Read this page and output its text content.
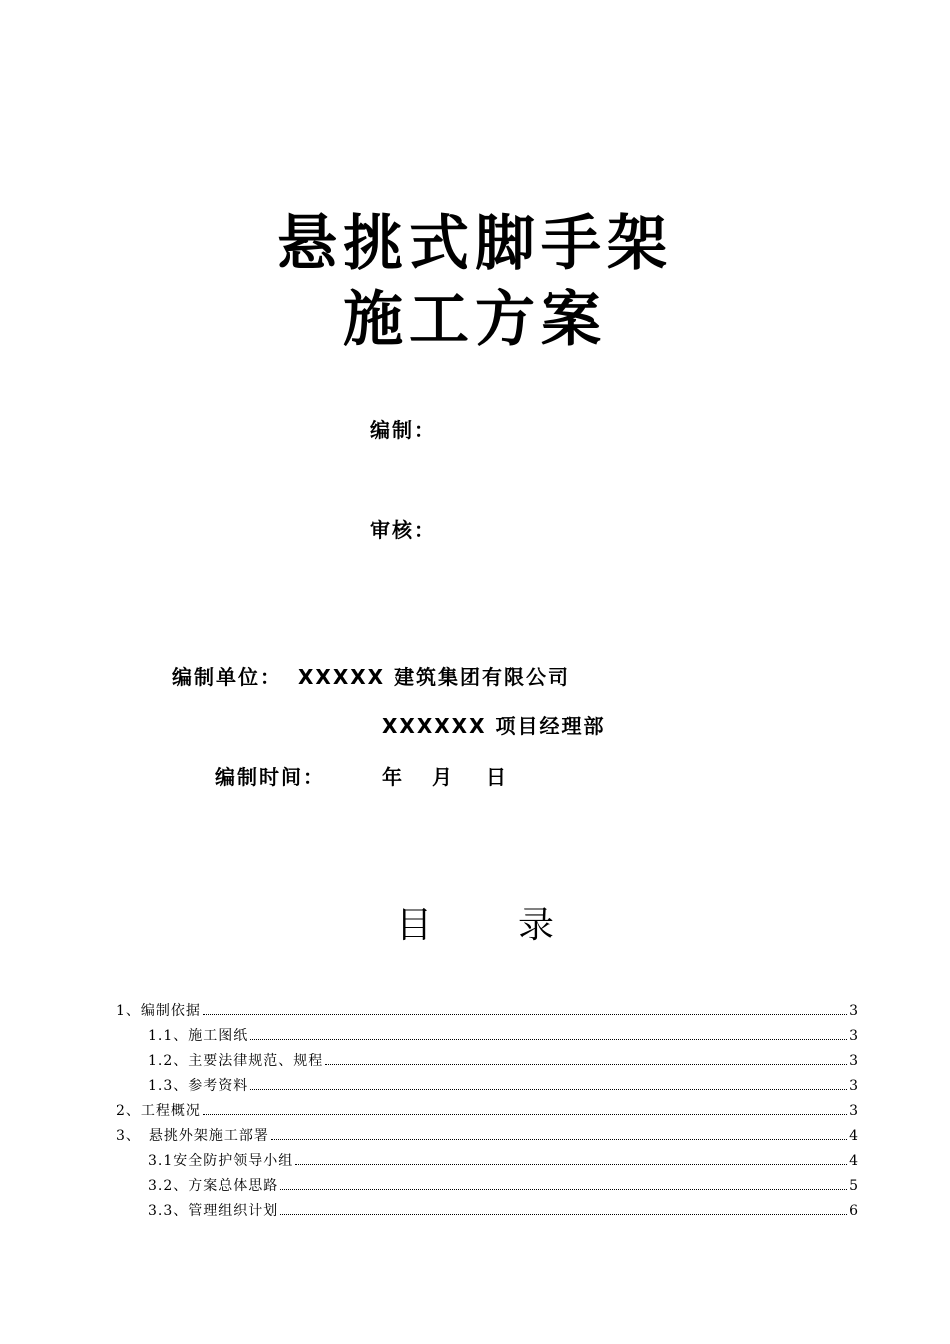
悬挑式脚手架
施工方案
编制：
审核：
编制单位： XXXXX 建筑集团有限公司
XXXXXX 项目经理部
编制时间：	年 月 日
目 录
1、编制依据	3
1.1、施工图纸	3
1.2、主要法律规范、规程	3
1.3、参考资料	3
2、工程概况	3
3、　悬挑外架施工部署	4
3.1安全防护领导小组	4
3.2、方案总体思路	5
3.3、管理组织计划	6
